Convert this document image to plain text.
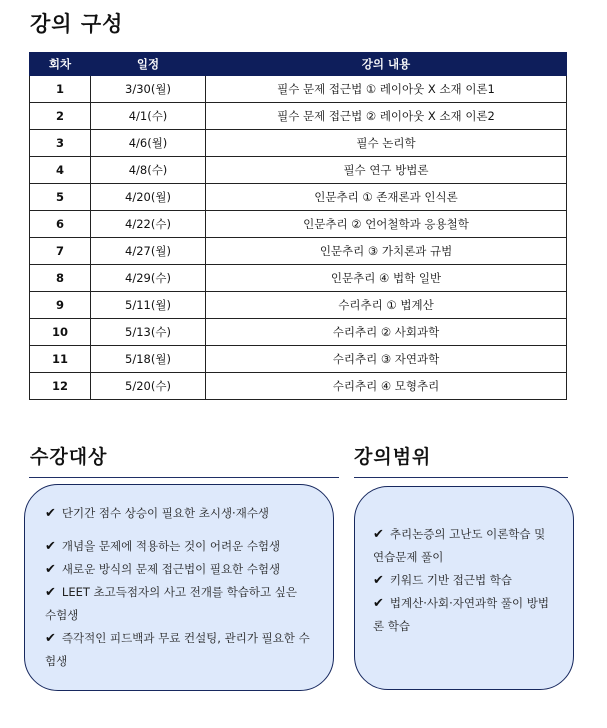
강의 구성
회차	일정	강의 내용
1	3/30(월)	필수 문제 접근법 ① 레이아웃 X 소재 이론1
2	4/1(수)	필수 문제 접근법 ② 레이아웃 X 소재 이론2
3	4/6(월)	필수 논리학
4	4/8(수)	필수 연구 방법론
5	4/20(월)	인문추리 ① 존재론과 인식론
6	4/22(수)	인문추리 ② 언어철학과 응용철학
7	4/27(월)	인문추리 ③ 가치론과 규범
8	4/29(수)	인문추리 ④ 법학 일반
9	5/11(월)	수리추리 ① 법계산
10	5/13(수)	수리추리 ② 사회과학
11	5/18(월)	수리추리 ③ 자연과학
12	5/20(수)	수리추리 ④ 모형추리
수강대상	강의범위
✔ 단기간 점수 상승이 필요한 초시생·재수생
✔ 개념을 문제에 적용하는 것이 어려운 수험생
✔ 새로운 방식의 문제 접근법이 필요한 수험생
✔ LEET 초고득점자의 사고 전개를 학습하고 싶은 수험생
✔ 즉각적인 피드백과 무료 컨설팅, 관리가 필요한 수험생
✔ 추리논증의 고난도 이론학습 및 연습문제 풀이
✔ 키워드 기반 접근법 학습
✔ 법계산·사회·자연과학 풀이 방법론 학습
